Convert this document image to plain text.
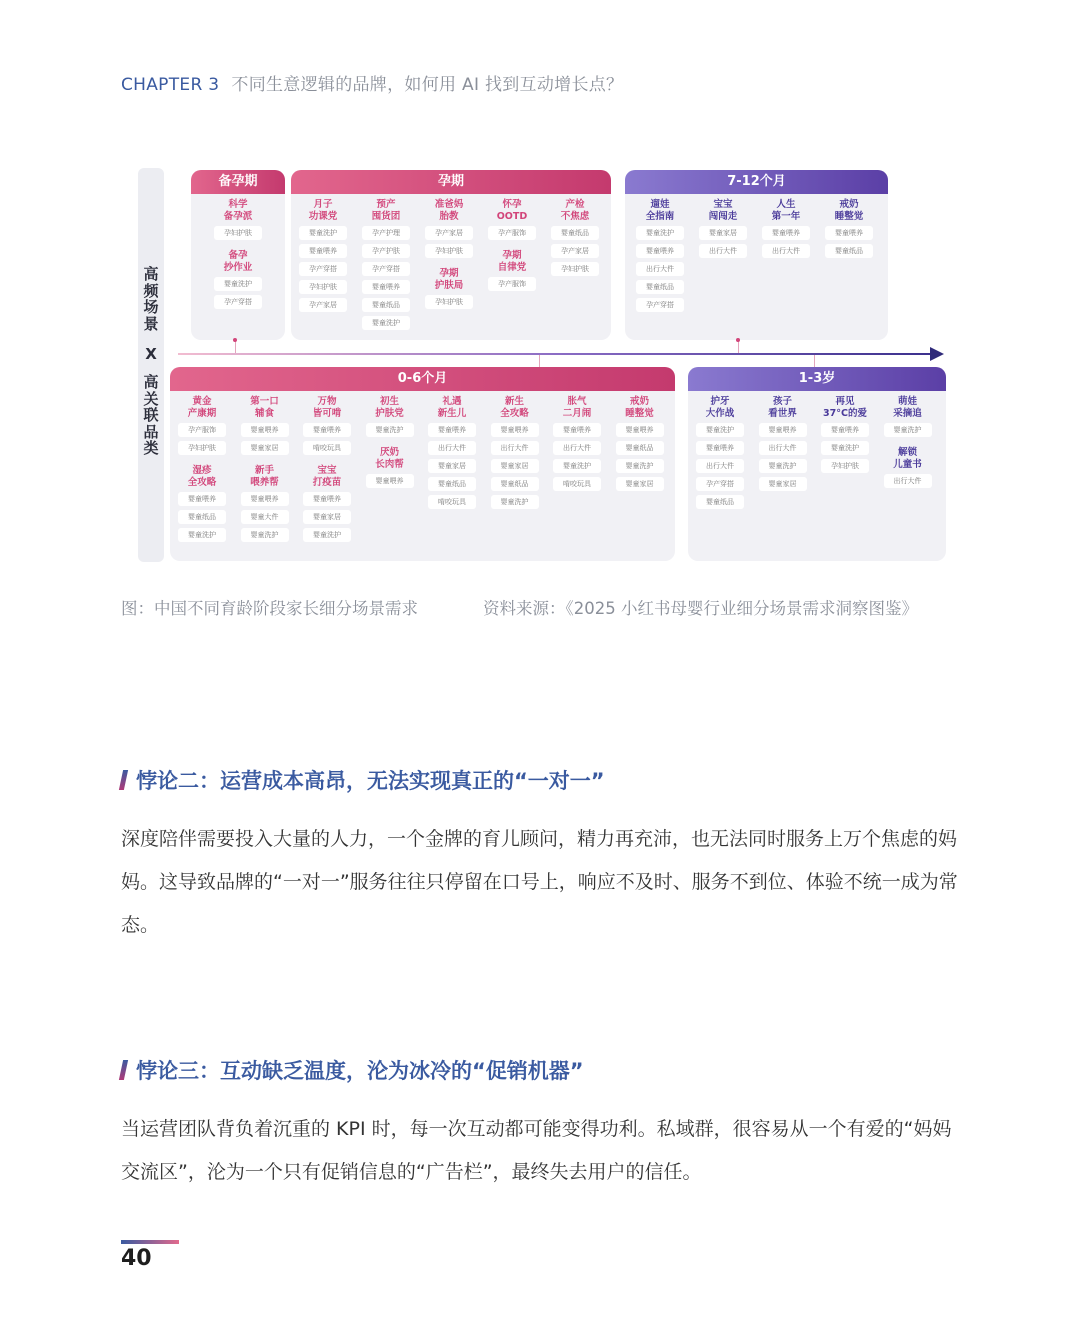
CHAPTER 3 不同生意逻辑的品牌，如何用 AI 找到互动增长点？
高频场景
X
高关联品类
备孕期
科学
备孕派
孕妇护肤
备孕
抄作业
婴童洗护
孕产穿搭
孕期
月子
功课党
婴童洗护
婴童喂养
孕产穿搭
孕妇护肤
孕产家居
预产
囤货团
孕产护理
孕产护肤
孕产穿搭
婴童喂养
婴童纸品
婴童洗护
准爸妈
胎教
孕产家居
孕妇护肤
孕期
护肤局
孕妇护肤
怀孕
OOTD
孕产服饰
孕期
自律党
孕产服饰
产检
不焦虑
婴童纸品
孕产家居
孕妇护肤
7-12个月
遛娃
全指南
婴童洗护
婴童喂养
出行大件
婴童纸品
孕产穿搭
宝宝
闯闯走
婴童家居
出行大件
人生
第一年
婴童喂养
出行大件
戒奶
睡整觉
婴童喂养
婴童纸品
0-6个月
黄金
产康期
孕产服饰
孕妇护肤
湿疹
全攻略
婴童喂养
婴童纸品
婴童洗护
第一口
辅食
婴童喂养
婴童家居
新手
喂养帮
婴童喂养
婴童大件
婴童洗护
万物
皆可啃
婴童喂养
啃咬玩具
宝宝
打疫苗
婴童喂养
婴童家居
婴童洗护
初生
护肤党
婴童洗护
厌奶
长肉帮
婴童喂养
礼遇
新生儿
婴童喂养
出行大件
婴童家居
婴童纸品
啃咬玩具
新生
全攻略
婴童喂养
出行大件
婴童家居
婴童纸品
婴童洗护
胀气
二月闹
婴童喂养
出行大件
婴童洗护
啃咬玩具
戒奶
睡整觉
婴童喂养
婴童纸品
婴童洗护
婴童家居
1-3岁
护牙
大作战
婴童洗护
婴童喂养
出行大件
孕产穿搭
婴童纸品
孩子
看世界
婴童喂养
出行大件
婴童洗护
婴童家居
再见
37°C的爱
婴童喂养
婴童洗护
孕妇护肤
萌娃
采摘追
婴童洗护
解锁
儿童书
出行大件
图：中国不同育龄阶段家长细分场景需求	资料来源：《2025 小红书母婴行业细分场景需求洞察图鉴》
悖论二：运营成本高昂，无法实现真正的“一对一”
深度陪伴需要投入大量的人力，一个金牌的育儿顾问，精力再充沛，也无法同时服务上万个焦虑的妈妈。这导致品牌的“一对一”服务往往只停留在口号上，响应不及时、服务不到位、体验不统一成为常态。
悖论三：互动缺乏温度，沦为冰冷的“促销机器”
当运营团队背负着沉重的 KPI 时，每一次互动都可能变得功利。私域群，很容易从一个有爱的“妈妈交流区”，沦为一个只有促销信息的“广告栏”，最终失去用户的信任。
40
